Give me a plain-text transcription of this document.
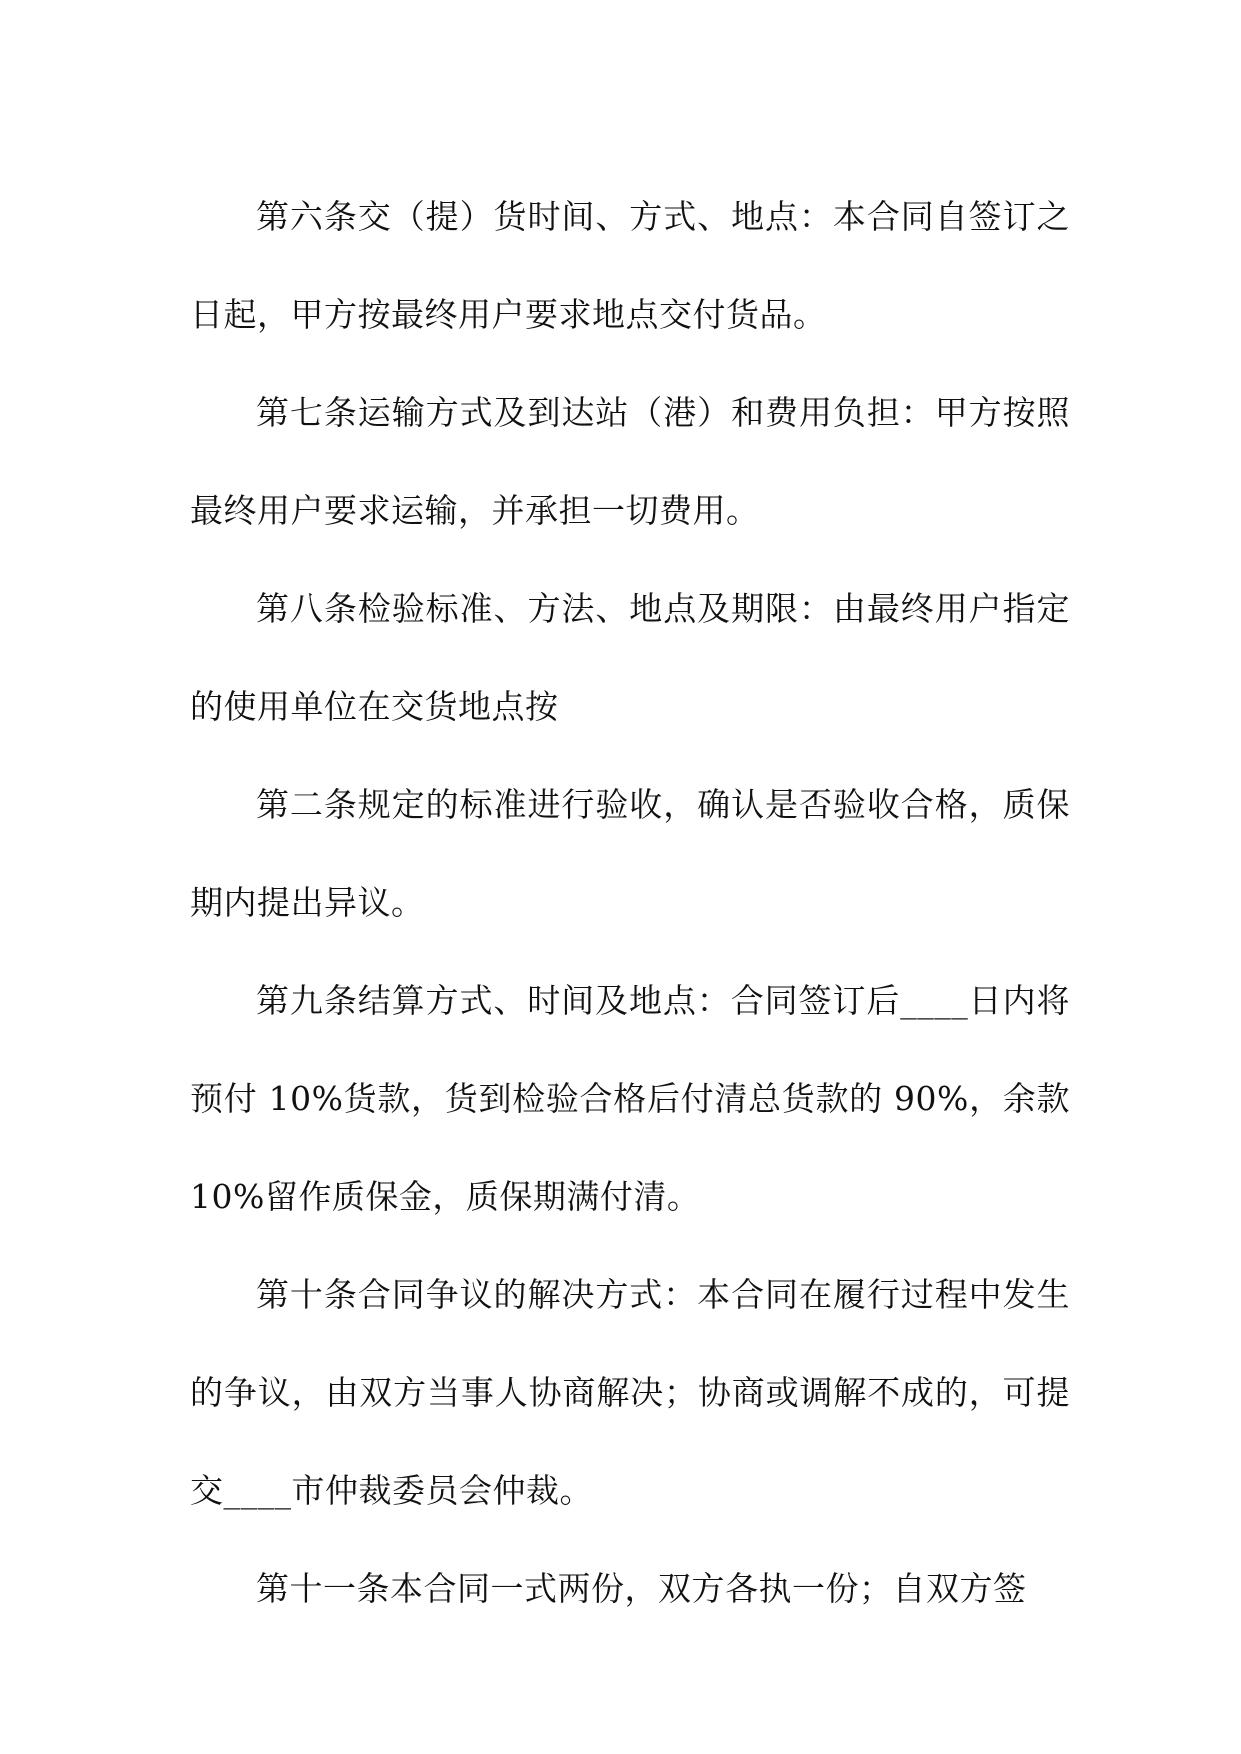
第六条交（提）货时间、方式、地点：本合同自签订之日起，甲方按最终用户要求地点交付货品。

第七条运输方式及到达站（港）和费用负担：甲方按照最终用户要求运输，并承担一切费用。

第八条检验标准、方法、地点及期限：由最终用户指定的使用单位在交货地点按

第二条规定的标准进行验收，确认是否验收合格，质保期内提出异议。

第九条结算方式、时间及地点：合同签订后____日内将预付 10%货款，货到检验合格后付清总货款的 90%，余款 10%留作质保金，质保期满付清。

第十条合同争议的解决方式：本合同在履行过程中发生的争议，由双方当事人协商解决；协商或调解不成的，可提交____市仲裁委员会仲裁。

第十一条本合同一式两份，双方各执一份；自双方签
